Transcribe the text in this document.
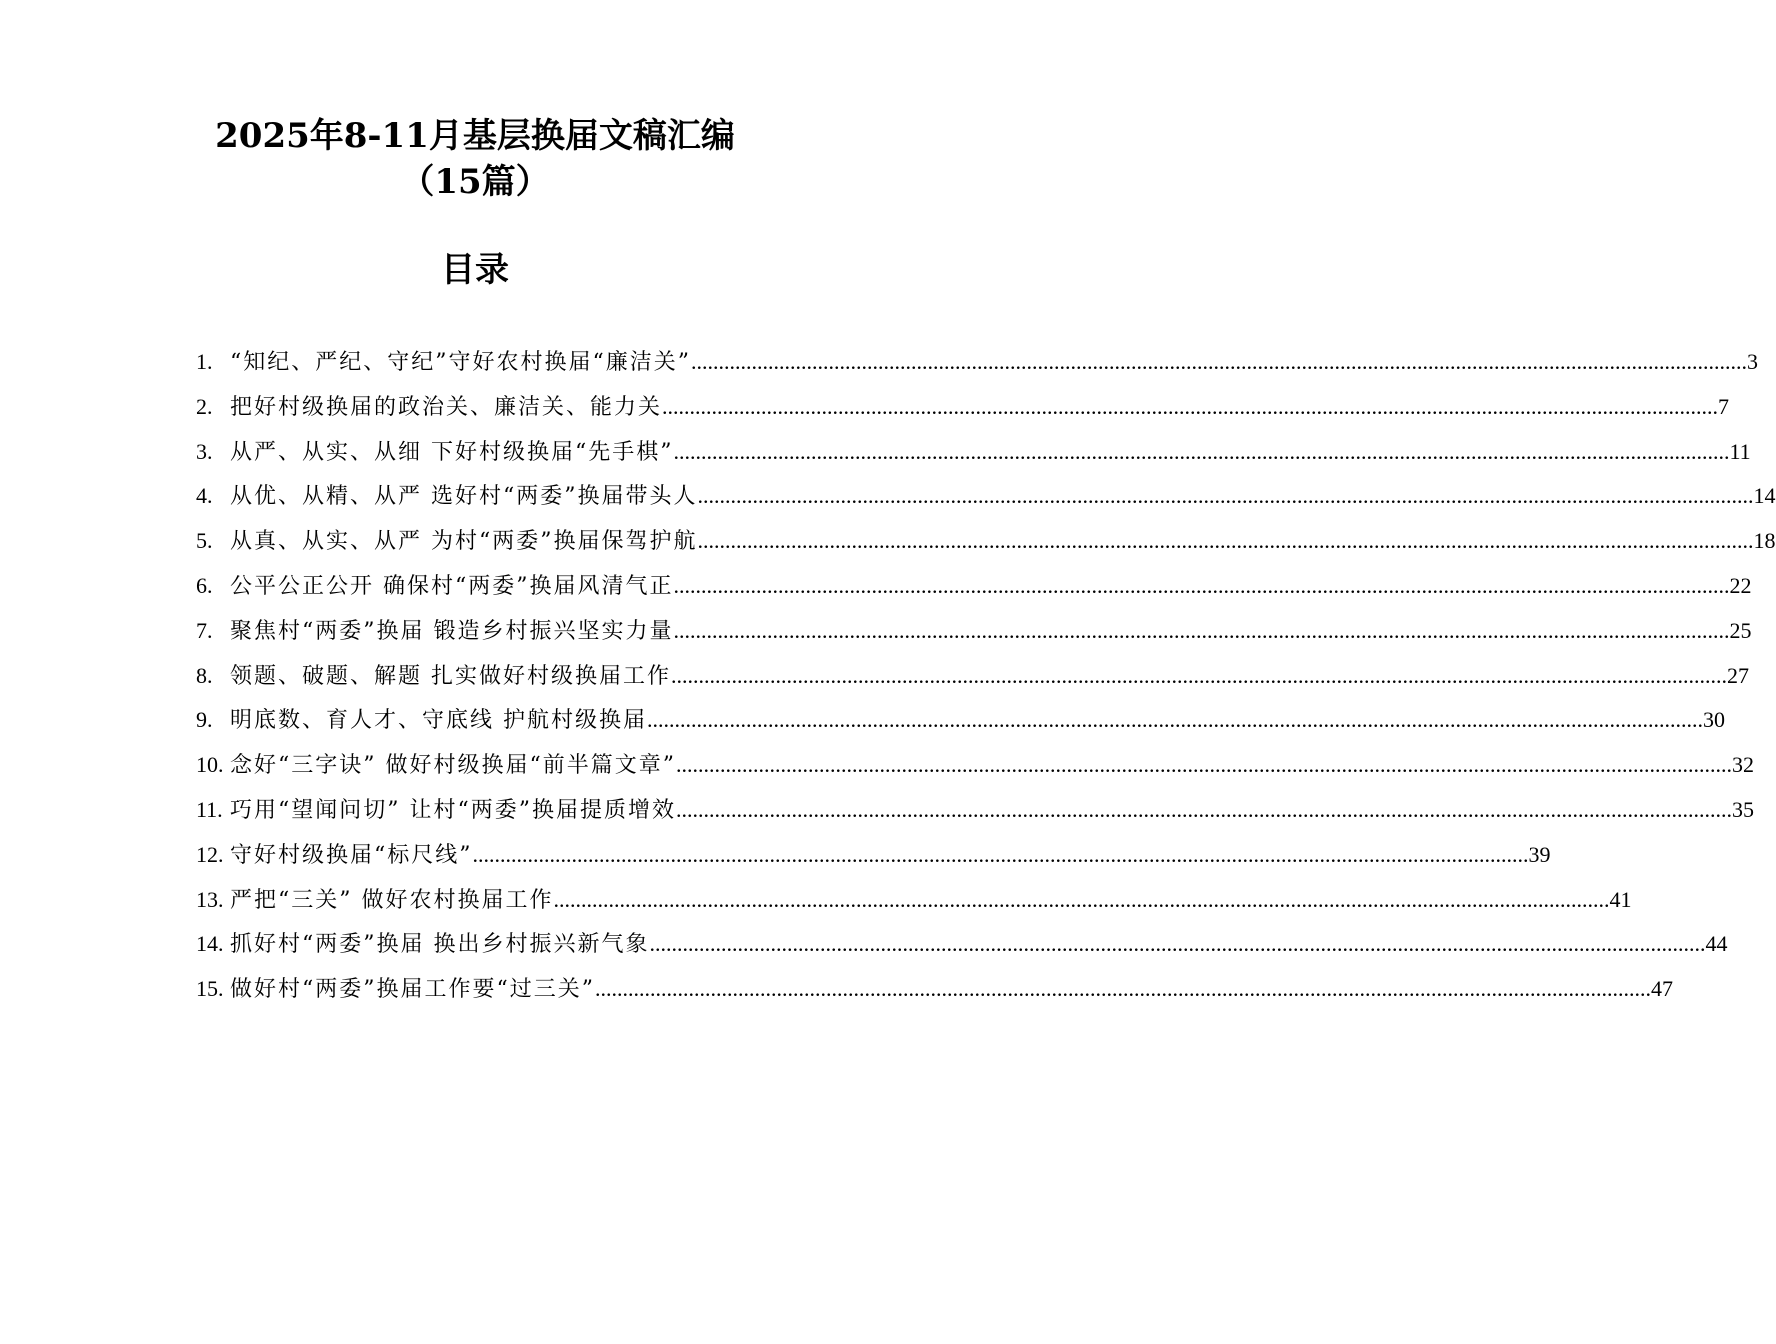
2025年8-11月基层换届文稿汇编

（15篇）

目录
1. “知纪、严纪、守纪”守好农村换届“廉洁关” .....	3
2. 把好村级换届的政治关、廉洁关、能力关 .....	7
3. 从严、从实、从细 下好村级换届“先手棋” .....	11
4. 从优、从精、从严 选好村“两委”换届带头人 .....	14
5. 从真、从实、从严 为村“两委”换届保驾护航 .....	18
6. 公平公正公开 确保村“两委”换届风清气正 .....	22
7. 聚焦村“两委”换届 锻造乡村振兴坚实力量 .....	25
8. 领题、破题、解题 扎实做好村级换届工作 .....	27
9. 明底数、育人才、守底线 护航村级换届 .....	30
10. 念好“三字诀” 做好村级换届“前半篇文章” .....	32
11. 巧用“望闻问切” 让村“两委”换届提质增效 .....	35
12. 守好村级换届“标尺线” .....	39
13. 严把“三关” 做好农村换届工作 .....	41
14. 抓好村“两委”换届 换出乡村振兴新气象 .....	44
15. 做好村“两委”换届工作要“过三关” .....	47
